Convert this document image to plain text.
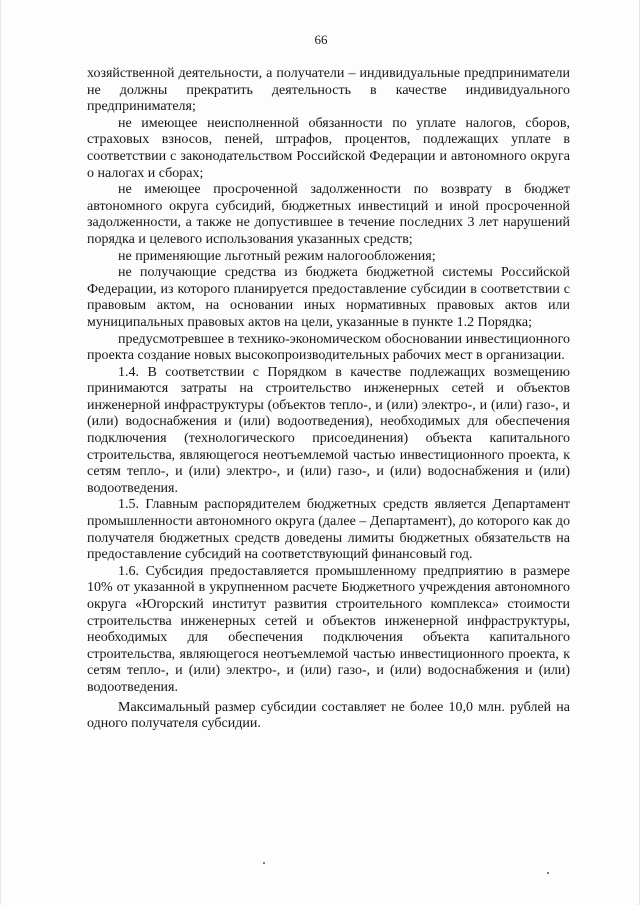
66

хозяйственной деятельности, а получатели – индивидуальные предприниматели не должны прекратить деятельность в качестве индивидуального предпринимателя;

не имеющее неисполненной обязанности по уплате налогов, сборов, страховых взносов, пеней, штрафов, процентов, подлежащих уплате в соответствии с законодательством Российской Федерации и автономного округа о налогах и сборах;

не имеющее просроченной задолженности по возврату в бюджет автономного округа субсидий, бюджетных инвестиций и иной просроченной задолженности, а также не допустившее в течение последних 3 лет нарушений порядка и целевого использования указанных средств;

не применяющие льготный режим налогообложения;

не получающие средства из бюджета бюджетной системы Российской Федерации, из которого планируется предоставление субсидии в соответствии с правовым актом, на основании иных нормативных правовых актов или муниципальных правовых актов на цели, указанные в пункте 1.2 Порядка;

предусмотревшее в технико-экономическом обосновании инвестиционного проекта создание новых высокопроизводительных рабочих мест в организации.

1.4. В соответствии с Порядком в качестве подлежащих возмещению принимаются затраты на строительство инженерных сетей и объектов инженерной инфраструктуры (объектов тепло-, и (или) электро-, и (или) газо-, и (или) водоснабжения и (или) водоотведения), необходимых для обеспечения подключения (технологического присоединения) объекта капитального строительства, являющегося неотъемлемой частью инвестиционного проекта, к сетям тепло-, и (или) электро-, и (или) газо-, и (или) водоснабжения и (или) водоотведения.

1.5. Главным распорядителем бюджетных средств является Департамент промышленности автономного округа (далее – Департамент), до которого как до получателя бюджетных средств доведены лимиты бюджетных обязательств на предоставление субсидий на соответствующий финансовый год.

1.6. Субсидия предоставляется промышленному предприятию в размере 10% от указанной в укрупненном расчете Бюджетного учреждения автономного округа «Югорский институт развития строительного комплекса» стоимости строительства инженерных сетей и объектов инженерной инфраструктуры, необходимых для обеспечения подключения объекта капитального строительства, являющегося неотъемлемой частью инвестиционного проекта, к сетям тепло-, и (или) электро-, и (или) газо-, и (или) водоснабжения и (или) водоотведения.

Максимальный размер субсидии составляет не более 10,0 млн. рублей на одного получателя субсидии.
